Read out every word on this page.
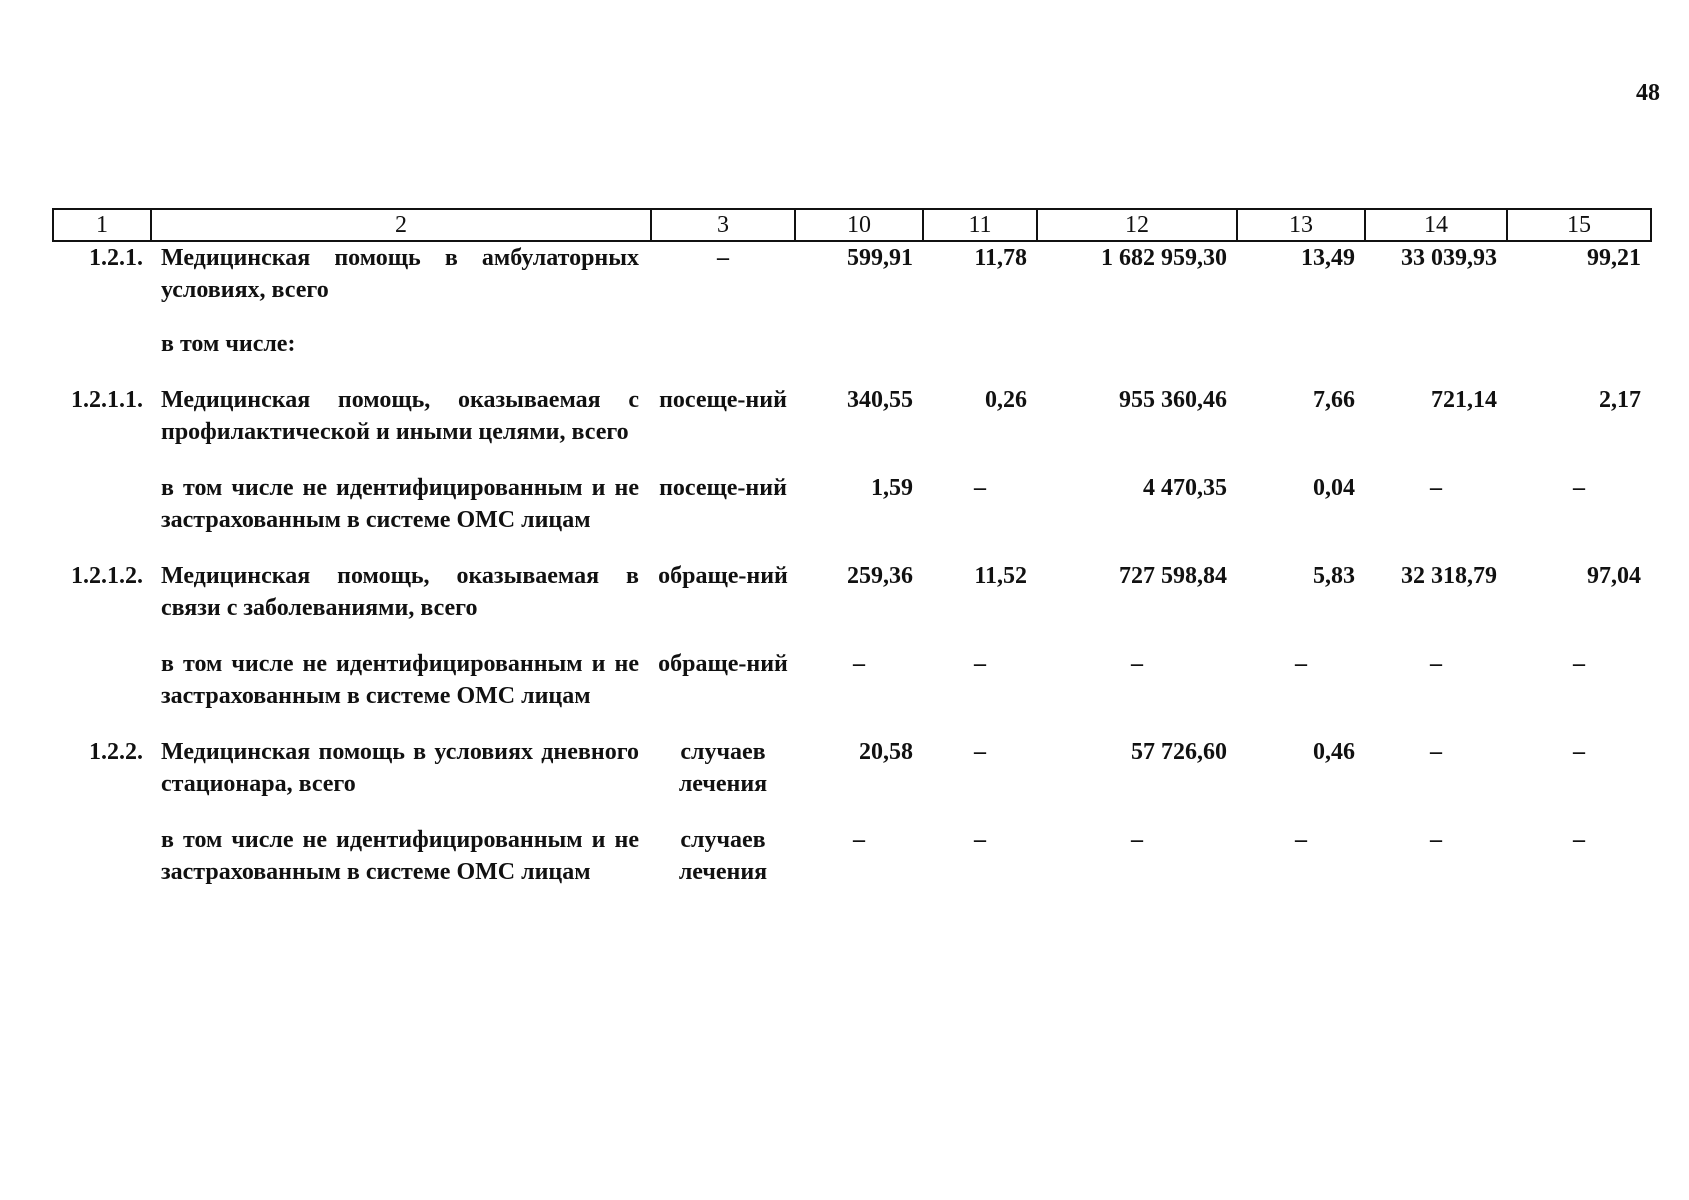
48
1	2	3	10	11	12	13	14	15
1.2.1.	Медицинская помощь в амбулаторных условиях, всего	–	599,91	11,78	1 682 959,30	13,49	33 039,93	99,21
	в том числе:							
1.2.1.1.	Медицинская помощь, оказываемая с профилактической и иными целями, всего	посеще-ний	340,55	0,26	955 360,46	7,66	721,14	2,17
	в том числе не идентифицированным и не застрахованным в системе ОМС лицам	посеще-ний	1,59	–	4 470,35	0,04	–	–
1.2.1.2.	Медицинская помощь, оказываемая в связи с заболеваниями, всего	обраще-ний	259,36	11,52	727 598,84	5,83	32 318,79	97,04
	в том числе не идентифицированным и не застрахованным в системе ОМС лицам	обраще-ний	–	–	–	–	–	–
1.2.2.	Медицинская помощь в условиях дневного стационара, всего	случаев лечения	20,58	–	57 726,60	0,46	–	–
	в том числе не идентифицированным и не застрахованным в системе ОМС лицам	случаев лечения	–	–	–	–	–	–
